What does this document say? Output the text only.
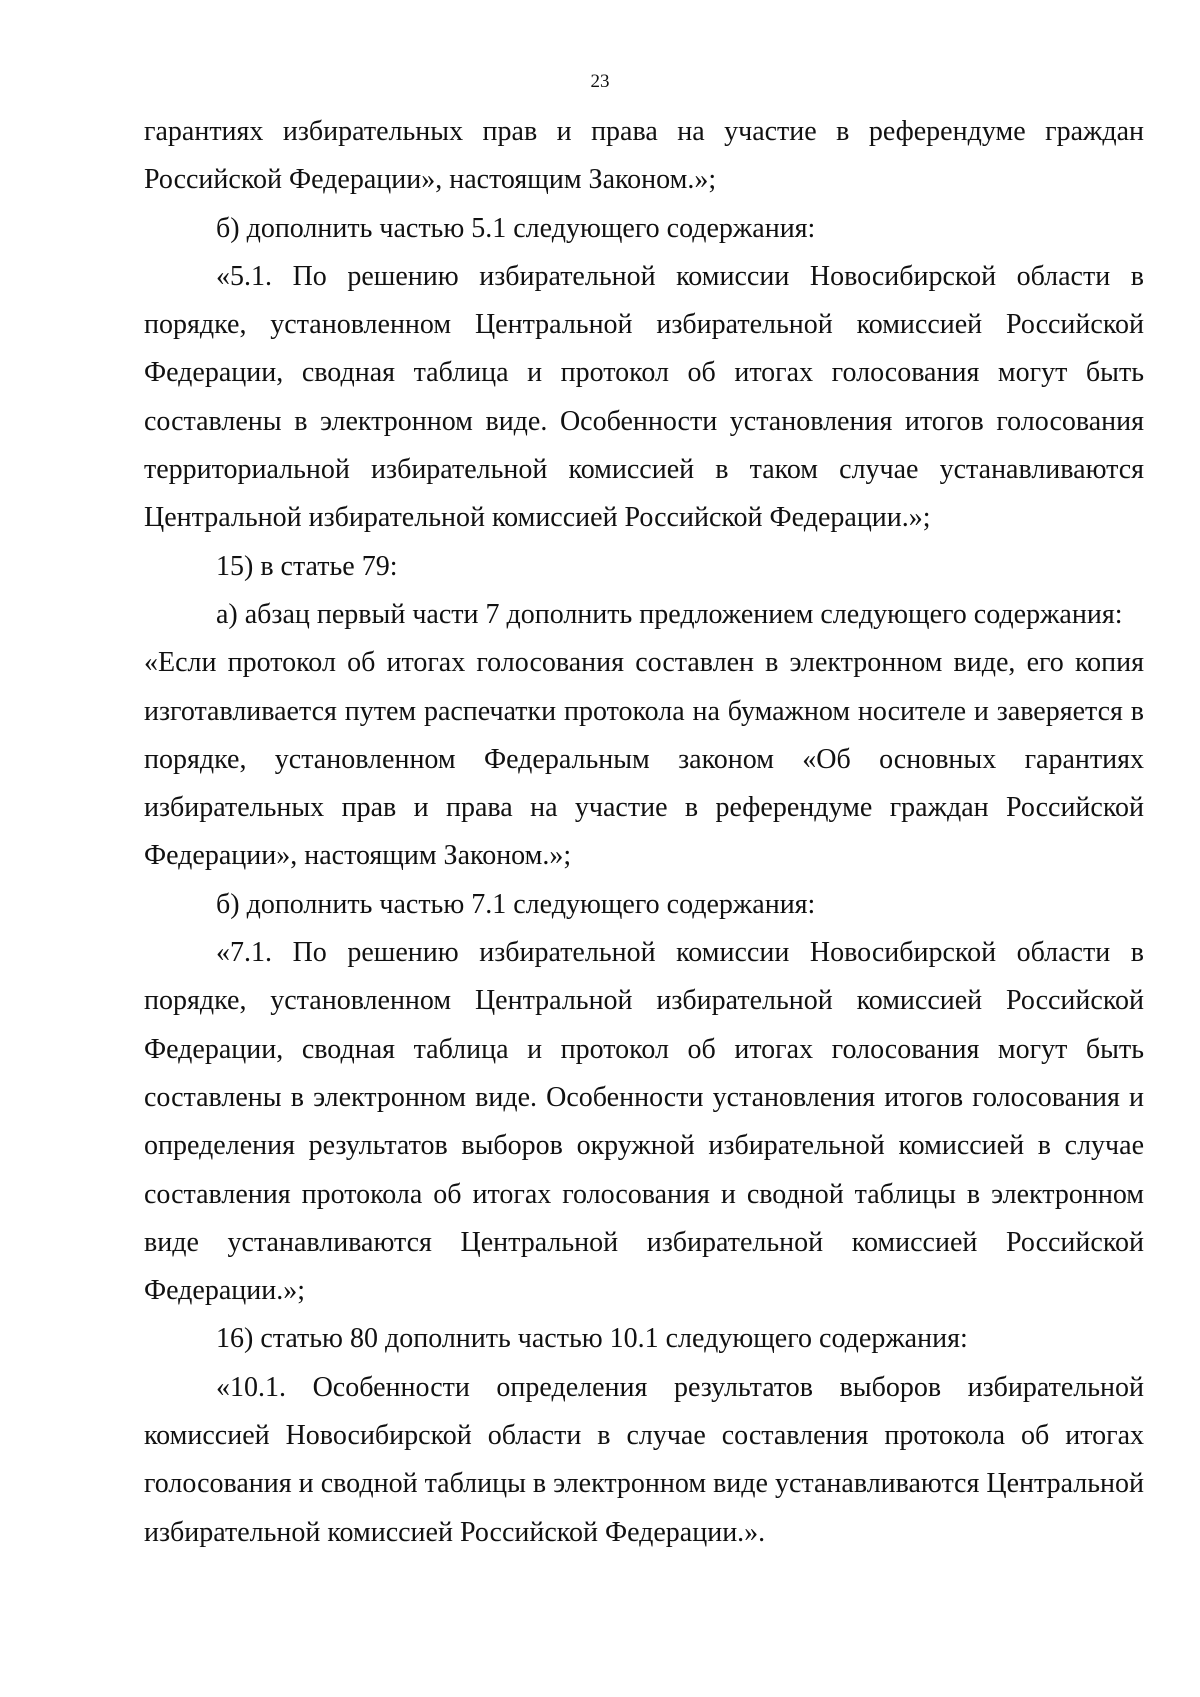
23

гарантиях избирательных прав и права на участие в референдуме граждан Российской Федерации», настоящим Законом.»;

б) дополнить частью 5.1 следующего содержания:

«5.1. По решению избирательной комиссии Новосибирской области в порядке, установленном Центральной избирательной комиссией Российской Федерации, сводная таблица и протокол об итогах голосования могут быть составлены в электронном виде. Особенности установления итогов голосования территориальной избирательной комиссией в таком случае устанавливаются Центральной избирательной комиссией Российской Федерации.»;

15) в статье 79:

а) абзац первый части 7 дополнить предложением следующего содержания:

«Если протокол об итогах голосования составлен в электронном виде, его копия изготавливается путем распечатки протокола на бумажном носителе и заверяется в порядке, установленном Федеральным законом «Об основных гарантиях избирательных прав и права на участие в референдуме граждан Российской Федерации», настоящим Законом.»;

б) дополнить частью 7.1 следующего содержания:

«7.1. По решению избирательной комиссии Новосибирской области в порядке, установленном Центральной избирательной комиссией Российской Федерации, сводная таблица и протокол об итогах голосования могут быть составлены в электронном виде. Особенности установления итогов голосования и определения результатов выборов окружной избирательной комиссией в случае составления протокола об итогах голосования и сводной таблицы в электронном виде устанавливаются Центральной избирательной комиссией Российской Федерации.»;

16) статью 80 дополнить частью 10.1 следующего содержания:

«10.1. Особенности определения результатов выборов избирательной комиссией Новосибирской области в случае составления протокола об итогах голосования и сводной таблицы в электронном виде устанавливаются Центральной избирательной комиссией Российской Федерации.».
